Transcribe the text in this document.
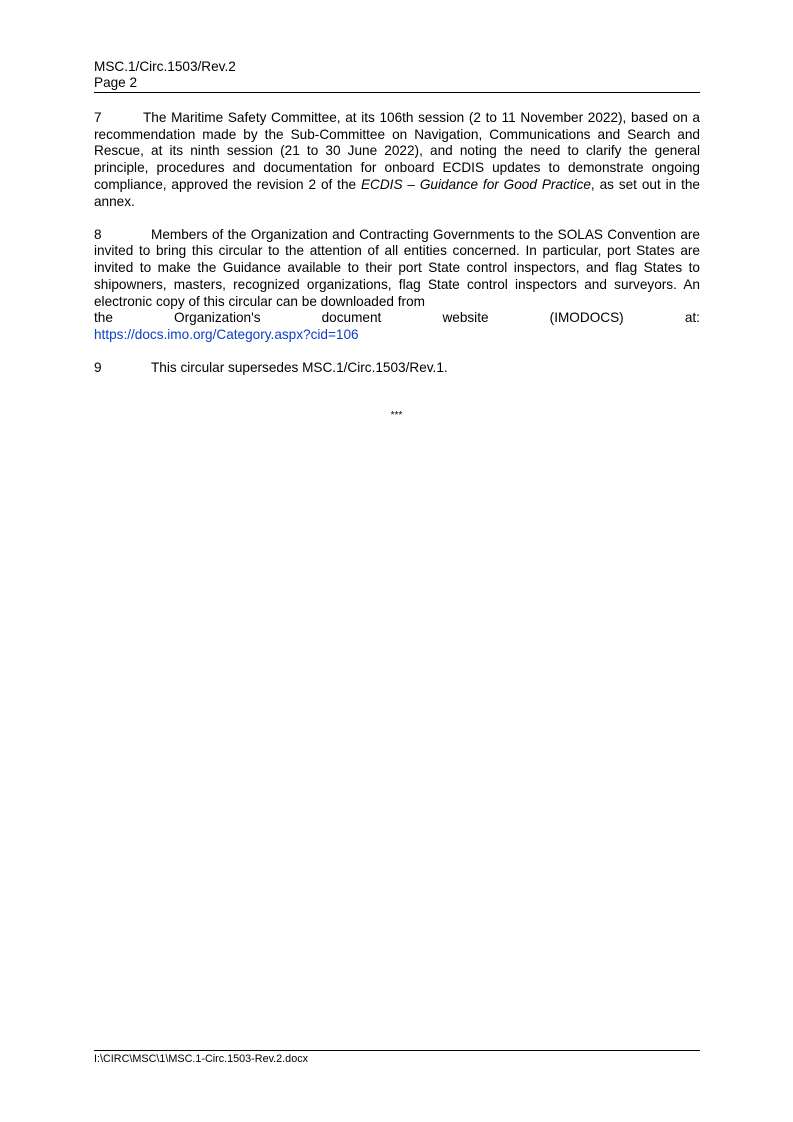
MSC.1/Circ.1503/Rev.2
Page 2

7	The Maritime Safety Committee, at its 106th session (2 to 11 November 2022), based on a recommendation made by the Sub-Committee on Navigation, Communications and Search and Rescue, at its ninth session (21 to 30 June 2022), and noting the need to clarify the general principle, procedures and documentation for onboard ECDIS updates to demonstrate ongoing compliance, approved the revision 2 of the ECDIS – Guidance for Good Practice, as set out in the annex.

8	Members of the Organization and Contracting Governments to the SOLAS Convention are invited to bring this circular to the attention of all entities concerned. In particular, port States are invited to make the Guidance available to their port State control inspectors, and flag States to shipowners, masters, recognized organizations, flag State control inspectors and surveyors. An electronic copy of this circular can be downloaded from
the	Organization's	document	website	(IMODOCS)	at:
https://docs.imo.org/Category.aspx?cid=106

9	This circular supersedes MSC.1/Circ.1503/Rev.1.

***
I:\CIRC\MSC\1\MSC.1-Circ.1503-Rev.2.docx
